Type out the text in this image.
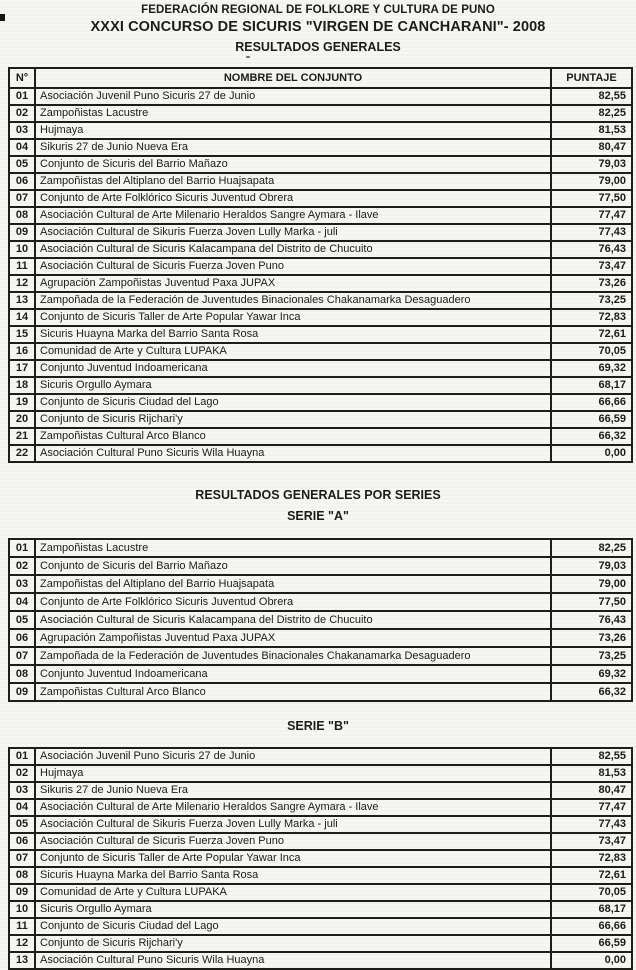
FEDERACIÓN REGIONAL DE FOLKLORE Y CULTURA DE PUNO
XXXI CONCURSO DE SICURIS "VIRGEN DE CANCHARANI"- 2008
RESULTADOS GENERALES
N°	NOMBRE DEL CONJUNTO	PUNTAJE
01	Asociación Juvenil Puno Sicuris 27 de Junio	82,55
02	Zampoñistas Lacustre	82,25
03	Hujmaya	81,53
04	Sikuris 27 de Junio Nueva Era	80,47
05	Conjunto de Sicuris del Barrio Mañazo	79,03
06	Zampoñistas del Altiplano del Barrio Huajsapata	79,00
07	Conjunto de Arte Folklórico Sicuris Juventud Obrera	77,50
08	Asociación Cultural de Arte Milenario Heraldos Sangre Aymara - Ilave	77,47
09	Asociación Cultural de Sikuris Fuerza Joven Lully Marka - juli	77,43
10	Asociación Cultural de Sicuris Kalacampana del Distrito de Chucuito	76,43
11	Asociación Cultural de Sicuris Fuerza Joven Puno	73,47
12	Agrupación Zampoñistas Juventud Paxa JUPAX	73,26
13	Zampoñada de la Federación de Juventudes Binacionales Chakanamarka Desaguadero	73,25
14	Conjunto de Sicuris Taller de Arte Popular Yawar Inca	72,83
15	Sicuris Huayna Marka del Barrio Santa Rosa	72,61
16	Comunidad de Arte y Cultura LUPAKA	70,05
17	Conjunto Juventud Indoamericana	69,32
18	Sicuris Orgullo Aymara	68,17
19	Conjunto de Sicuris Ciudad del Lago	66,66
20	Conjunto de Sicuris Rijchari'y	66,59
21	Zampoñistas Cultural Arco Blanco	66,32
22	Asociación Cultural Puno Sicuris Wila Huayna	0,00
RESULTADOS GENERALES POR SERIES
SERIE "A"
01	Zampoñistas Lacustre	82,25
02	Conjunto de Sicuris del Barrio Mañazo	79,03
03	Zampoñistas del Altiplano del Barrio Huajsapata	79,00
04	Conjunto de Arte Folklórico Sicuris Juventud Obrera	77,50
05	Asociación Cultural de Sicuris Kalacampana del Distrito de Chucuito	76,43
06	Agrupación Zampoñistas Juventud Paxa JUPAX	73,26
07	Zampoñada de la Federación de Juventudes Binacionales Chakanamarka Desaguadero	73,25
08	Conjunto Juventud Indoamericana	69,32
09	Zampoñistas Cultural Arco Blanco	66,32
SERIE "B"
01	Asociación Juvenil Puno Sicuris 27 de Junio	82,55
02	Hujmaya	81,53
03	Sikuris 27 de Junio Nueva Era	80,47
04	Asociación Cultural de Arte Milenario Heraldos Sangre Aymara - Ilave	77,47
05	Asociación Cultural de Sikuris Fuerza Joven Lully Marka - juli	77,43
06	Asociación Cultural de Sicuris Fuerza Joven Puno	73,47
07	Conjunto de Sicuris Taller de Arte Popular Yawar Inca	72,83
08	Sicuris Huayna Marka del Barrio Santa Rosa	72,61
09	Comunidad de Arte y Cultura LUPAKA	70,05
10	Sicuris Orgullo Aymara	68,17
11	Conjunto de Sicuris Ciudad del Lago	66,66
12	Conjunto de Sicuris Rijchari'y	66,59
13	Asociación Cultural Puno Sicuris Wila Huayna	0,00
